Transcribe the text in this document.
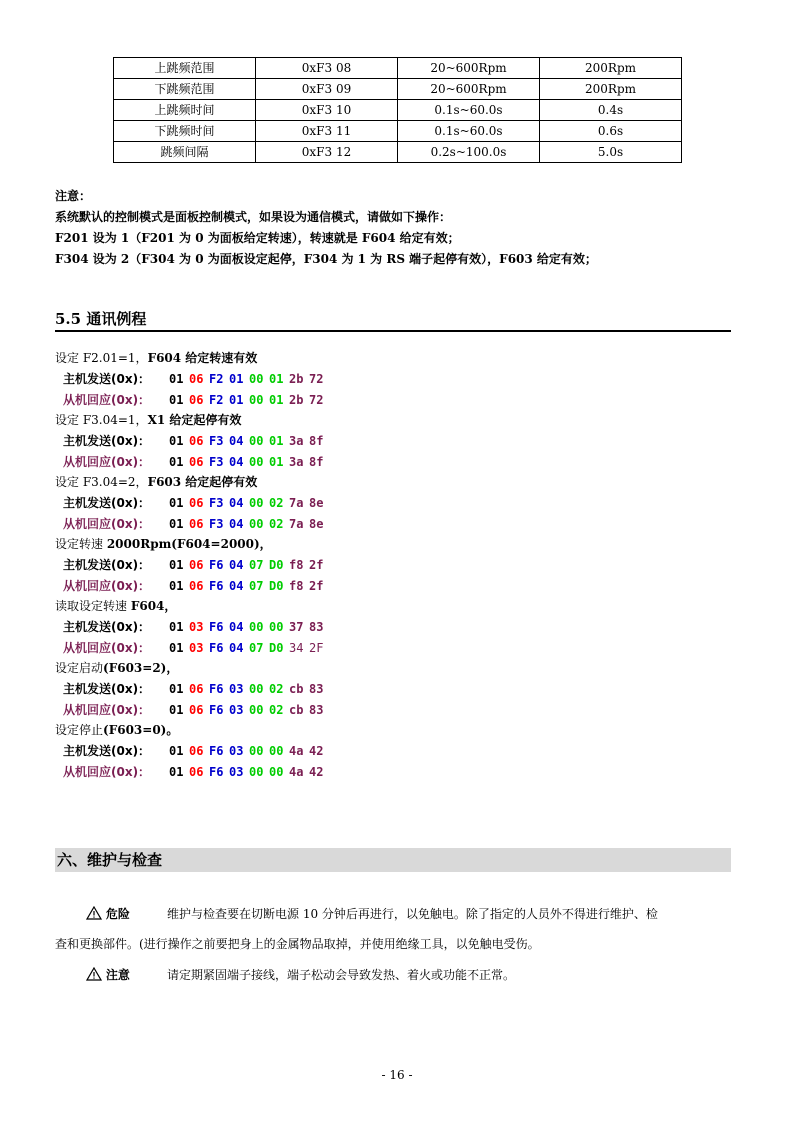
上跳频范围	0xF3 08	20~600Rpm	200Rpm
下跳频范围	0xF3 09	20~600Rpm	200Rpm
上跳频时间	0xF3 10	0.1s~60.0s	0.4s
下跳频时间	0xF3 11	0.1s~60.0s	0.6s
跳频间隔	0xF3 12	0.2s~100.0s	5.0s
注意：
系统默认的控制模式是面板控制模式，如果设为通信模式，请做如下操作：
F201 设为 1（F201 为 0 为面板给定转速），转速就是 F604 给定有效；
F304 设为 2（F304 为 0 为面板设定起停，F304 为 1 为 RS 端子起停有效），F603 给定有效；
5.5 通讯例程
设定 F2.01=1，F604 给定转速有效
主机发送(0x)： 01 06 F2 01 00 01 2b 72
从机回应(0x)： 01 06 F2 01 00 01 2b 72
设定 F3.04=1，X1 给定起停有效
主机发送(0x)： 01 06 F3 04 00 01 3a 8f
从机回应(0x)： 01 06 F3 04 00 01 3a 8f
设定 F3.04=2，F603 给定起停有效
主机发送(0x)： 01 06 F3 04 00 02 7a 8e
从机回应(0x)： 01 06 F3 04 00 02 7a 8e
设定转速 2000Rpm(F604=2000)，
主机发送(0x)： 01 06 F6 04 07 D0 f8 2f
从机回应(0x)： 01 06 F6 04 07 D0 f8 2f
读取设定转速 F604，
主机发送(0x)： 01 03 F6 04 00 00 37 83
从机回应(0x)： 01 03 F6 04 07 D0 34 2F
设定启动(F603=2)，
主机发送(0x)： 01 06 F6 03 00 02 cb 83
从机回应(0x)： 01 06 F6 03 00 02 cb 83
设定停止(F603=0)。
主机发送(0x)： 01 06 F6 03 00 00 4a 42
从机回应(0x)： 01 06 F6 03 00 00 4a 42
六、维护与检查
危险	维护与检查要在切断电源 10 分钟后再进行，以免触电。除了指定的人员外不得进行维护、检
查和更换部件。(进行操作之前要把身上的金属物品取掉，并使用绝缘工具，以免触电受伤。
注意	请定期紧固端子接线，端子松动会导致发热、着火或功能不正常。
- 16 -
